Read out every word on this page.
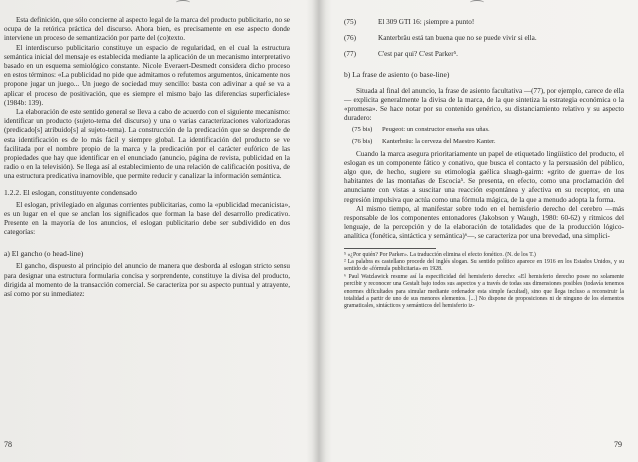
Esta definición, que sólo concierne al aspecto legal de la marca del producto publicitario, no se ocupa de la retórica práctica del discurso. Ahora bien, es precisamente en ese aspecto donde interviene un proceso de semantización por parte del (co)texto.

El interdiscurso publicitario constituye un espacio de regularidad, en el cual la estructura semántica inicial del mensaje es establecida mediante la aplicación de un mecanismo interpretativo basado en un esquema semiológico constante. Nicole Everaert-Desmedt considera dicho proceso en estos términos: «La publicidad no pide que admitamos o refutemos argumentos, únicamente nos propone jugar un juego... Un juego de sociedad muy sencillo: basta con adivinar a qué se va a aplicar el proceso de positivación, que es siempre el mismo bajo las diferencias superficiales» (1984b: 139).

La elaboración de este sentido general se lleva a cabo de acuerdo con el siguiente mecanismo: identificar un producto (sujeto-tema del discurso) y una o varias caracterizaciones valorizadoras (predicado[s] atribuido[s] al sujeto-tema). La construcción de la predicación que se desprende de esta identificación es de lo más fácil y siempre global. La identificación del producto se ve facilitada por el nombre propio de la marca y la predicación por el carácter eufórico de las propiedades que hay que identificar en el enunciado (anuncio, página de revista, publicidad en la radio o en la televisión). Se llega así al establecimiento de una relación de calificación positiva, de una estructura predicativa inamovible, que permite reducir y canalizar la información semántica.

1.2.2. El eslogan, constituyente condensado

El eslogan, privilegiado en algunas corrientes publicitarias, como la «publicidad mecanicista», es un lugar en el que se anclan los significados que forman la base del desarrollo predicativo. Presente en la mayoría de los anuncios, el eslogan publicitario debe ser subdividido en dos categorías:

a) El gancho (o head-line)

El gancho, dispuesto al principio del anuncio de manera que desborda al eslogan stricto sensu para designar una estructura formularia concisa y sorprendente, constituye la divisa del producto, dirigida al momento de la transacción comercial. Se caracteriza por su aspecto puntual y atrayente, así como por su inmediatez:

78
(75)	El 309 GTI 16: ¡siempre a punto!
(76)	Kanterbräu está tan buena que no se puede vivir si ella.
(77)	C'est par qui? C'est Parker⁵.
b) La frase de asiento (o base-line)

Situada al final del anuncio, la frase de asiento facultativa —(77), por ejemplo, carece de ella— explicita generalmente la divisa de la marca, de la que sintetiza la estrategia económica o la «promesa». Se hace notar por su contenido genérico, su distanciamiento relativo y su aspecto duradero:

(75 bis)	Peugeot: un constructor enseña sus uñas.
(76 bis)	Kanterbräu: la cerveza del Maestro Kanter.

Cuando la marca asegura prioritariamente un papel de etiquetado lingüístico del producto, el eslogan es un componente fático y conativo, que busca el contacto y la persuasión del público, algo que, de hecho, sugiere su etimología gaélica sluagh-gairm: «grito de guerra» de los habitantes de las montañas de Escocia⁵. Se presenta, en efecto, como una proclamación del anunciante con vistas a suscitar una reacción espontánea y afectiva en su receptor, en una regresión impulsiva que actúa como una fórmula mágica, de la que a menudo adopta la forma.

Al mismo tiempo, al manifestar sobre todo en el hemisferio derecho del cerebro —más responsable de los componentes entonadores (Jakobson y Waugh, 1980: 60-62) y rítmicos del lenguaje, de la percepción y de la elaboración de totalidades que de la producción lógico-analítica (fonética, sintáctica y semántica)⁶—, se caracteriza por una brevedad, una simplici-

⁵ «¿Por quién? Por Parker». La traducción elimina el efecto fonético. (N. de los T.)

² La palabra es castellano procede del inglés slogan. Su sentido político aparece en 1916 en los Estados Unidos, y su sentido de «fórmula publicitaria» en 1928.

⁶ Paul Watzlawick resume así la especificidad del hemisferio derecho: «El hemisferio derecho posee no solamente percibir y reconocer una Gestalt bajo todos sus aspectos y a través de todas sus dimensiones posibles (todavía tenemos enormes dificultades para simular mediante ordenador esta simple facultad), sino que llega incluso a reconstruir la totalidad a partir de uno de sus menores elementos. [...] No dispone de proposiciones ni de ninguno de los elementos gramaticales, sintácticos y semánticos del hemisferio iz-

79
